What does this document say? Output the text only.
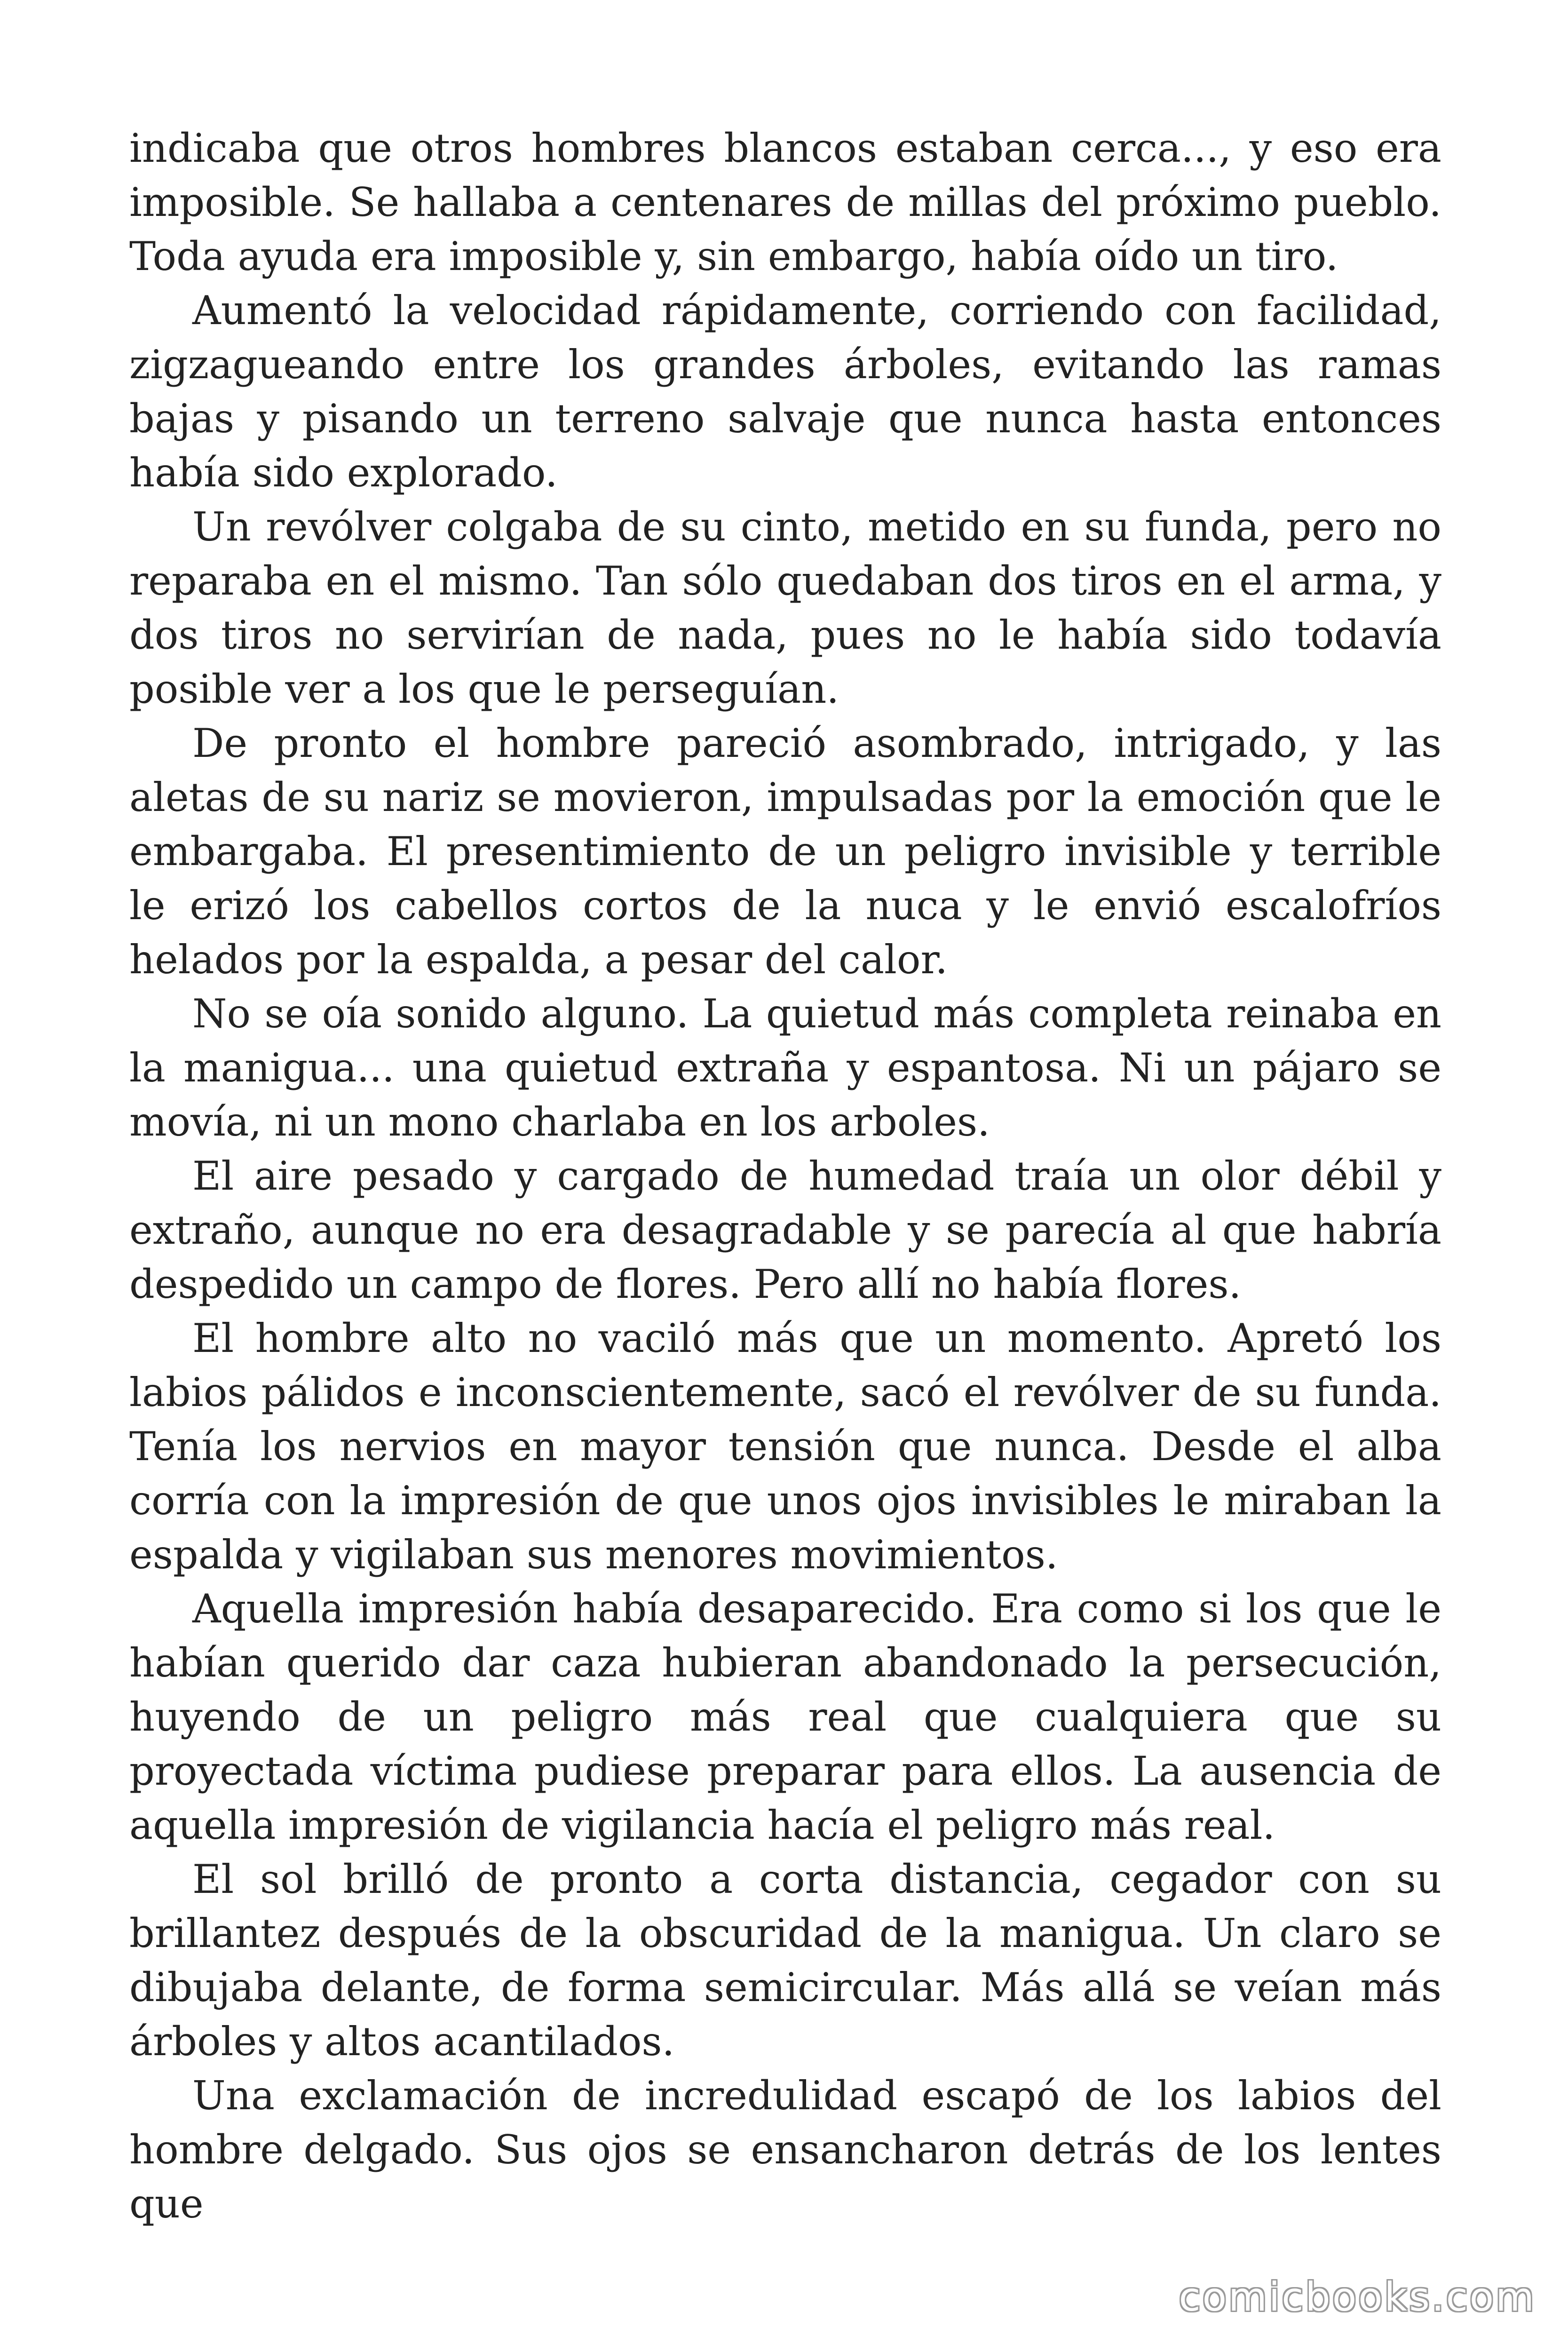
indicaba que otros hombres blancos estaban cerca..., y eso era imposible. Se hallaba a centenares de millas del próximo pueblo. Toda ayuda era imposible y, sin embargo, había oído un tiro.

Aumentó la velocidad rápidamente, corriendo con facilidad, zigzagueando entre los grandes árboles, evitando las ramas bajas y pisando un terreno salvaje que nunca hasta entonces había sido explorado.

Un revólver colgaba de su cinto, metido en su funda, pero no reparaba en el mismo. Tan sólo quedaban dos tiros en el arma, y dos tiros no servirían de nada, pues no le había sido todavía posible ver a los que le perseguían.

De pronto el hombre pareció asombrado, intrigado, y las aletas de su nariz se movieron, impulsadas por la emoción que le embargaba. El presentimiento de un peligro invisible y terrible le erizó los cabellos cortos de la nuca y le envió escalofríos helados por la espalda, a pesar del calor.

No se oía sonido alguno. La quietud más completa reinaba en la manigua... una quietud extraña y espantosa. Ni un pájaro se movía, ni un mono charlaba en los arboles.

El aire pesado y cargado de humedad traía un olor débil y extraño, aunque no era desagradable y se parecía al que habría despedido un campo de flores. Pero allí no había flores.

El hombre alto no vaciló más que un momento. Apretó los labios pálidos e inconscientemente, sacó el revólver de su funda. Tenía los nervios en mayor tensión que nunca. Desde el alba corría con la impresión de que unos ojos invisibles le miraban la espalda y vigilaban sus menores movimientos.

Aquella impresión había desaparecido. Era como si los que le habían querido dar caza hubieran abandonado la persecución, huyendo de un peligro más real que cualquiera que su proyectada víctima pudiese preparar para ellos. La ausencia de aquella impresión de vigilancia hacía el peligro más real.

El sol brilló de pronto a corta distancia, cegador con su brillantez después de la obscuridad de la manigua. Un claro se dibujaba delante, de forma semicircular. Más allá se veían más árboles y altos acantilados.

Una exclamación de incredulidad escapó de los labios del hombre delgado. Sus ojos se ensancharon detrás de los lentes que

comicbooks.com
